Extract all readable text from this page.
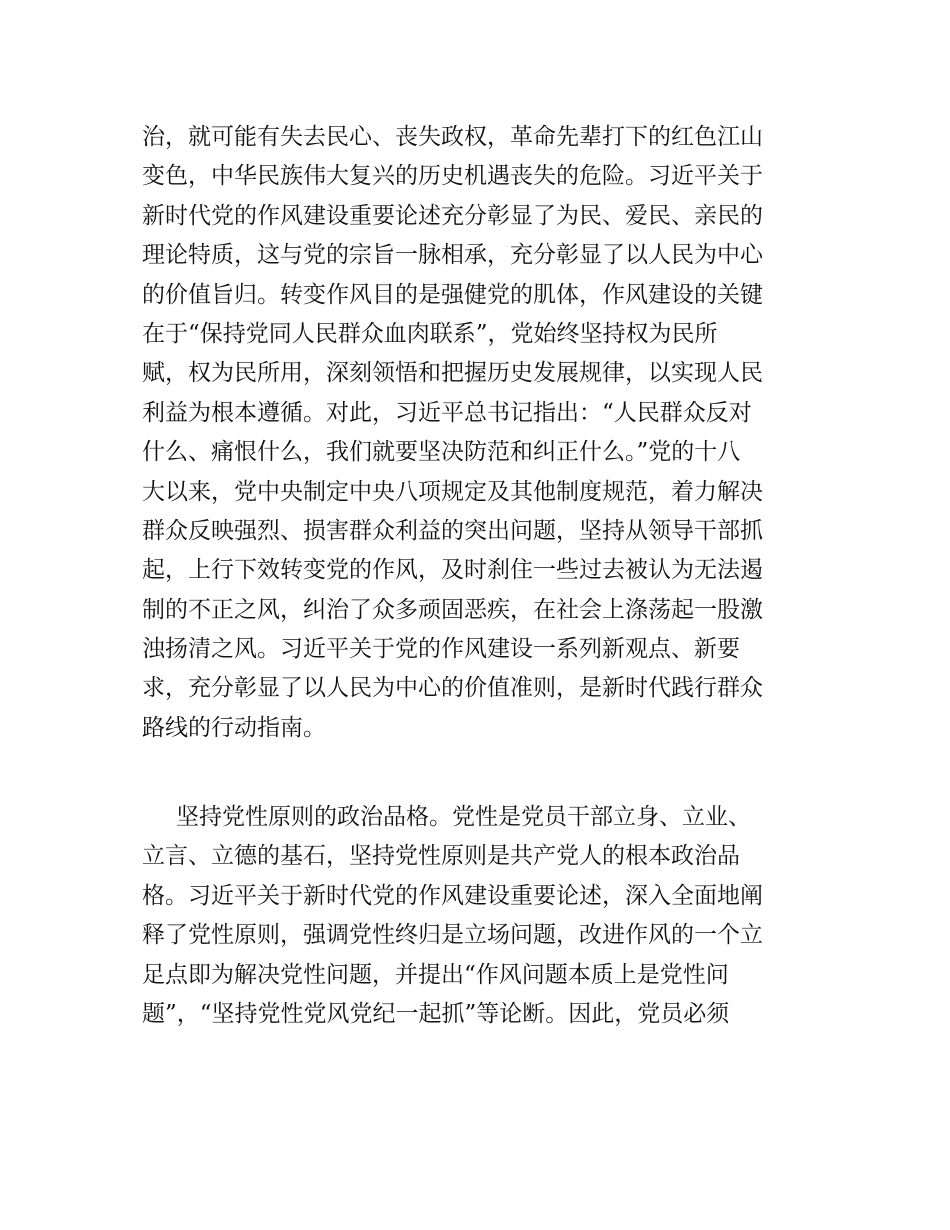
治，就可能有失去民心、丧失政权，革命先辈打下的红色江山
变色，中华民族伟大复兴的历史机遇丧失的危险。习近平关于
新时代党的作风建设重要论述充分彰显了为民、爱民、亲民的
理论特质，这与党的宗旨一脉相承，充分彰显了以人民为中心
的价值旨归。转变作风目的是强健党的肌体，作风建设的关键
在于“保持党同人民群众血肉联系”，党始终坚持权为民所
赋，权为民所用，深刻领悟和把握历史发展规律，以实现人民
利益为根本遵循。对此，习近平总书记指出：“人民群众反对
什么、痛恨什么，我们就要坚决防范和纠正什么。”党的十八
大以来，党中央制定中央八项规定及其他制度规范，着力解决
群众反映强烈、损害群众利益的突出问题，坚持从领导干部抓
起，上行下效转变党的作风，及时刹住一些过去被认为无法遏
制的不正之风，纠治了众多顽固恶疾，在社会上涤荡起一股激
浊扬清之风。习近平关于党的作风建设一系列新观点、新要
求，充分彰显了以人民为中心的价值准则，是新时代践行群众
路线的行动指南。
坚持党性原则的政治品格。党性是党员干部立身、立业、
立言、立德的基石，坚持党性原则是共产党人的根本政治品
格。习近平关于新时代党的作风建设重要论述，深入全面地阐
释了党性原则，强调党性终归是立场问题，改进作风的一个立
足点即为解决党性问题，并提出“作风问题本质上是党性问
题”，“坚持党性党风党纪一起抓”等论断。因此，党员必须
